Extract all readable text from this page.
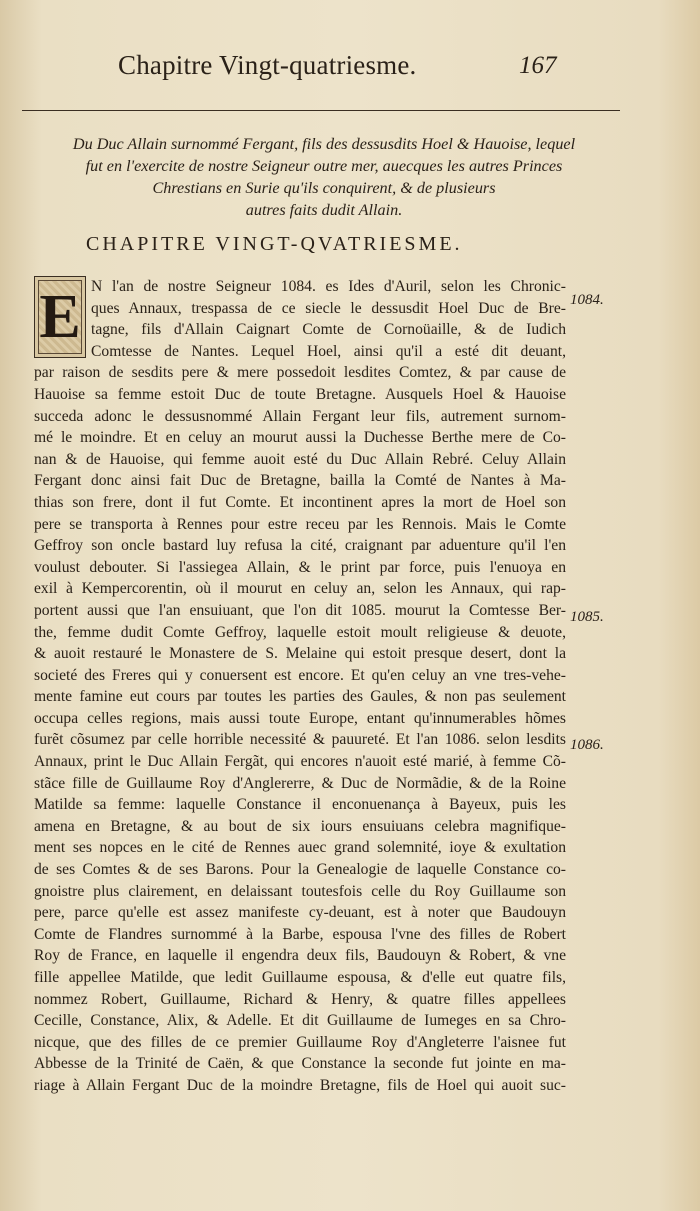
Chapitre Vingt-quatriesme.	167
Du Duc Allain surnommé Fergant, fils des dessusdits Hoel & Hauoise, lequel
fut en l'exercite de nostre Seigneur outre mer, auecques les autres Princes
Chrestians en Surie qu'ils conquirent, & de plusieurs
autres faits dudit Allain.
CHAPITRE VINGT-QVATRIESME.
E N l'an de nostre Seigneur 1084. es Ides d'Auril, selon les Chronic-
ques Annaux, trespassa de ce siecle le dessusdit Hoel Duc de Bre-
tagne, fils d'Allain Caignart Comte de Cornoüaille, & de Iudich
Comtesse de Nantes. Lequel Hoel, ainsi qu'il a esté dit deuant,
par raison de sesdits pere & mere possedoit lesdites Comtez, & par cause de
Hauoise sa femme estoit Duc de toute Bretagne. Ausquels Hoel & Hauoise
succeda adonc le dessusnommé Allain Fergant leur fils, autrement surnom-
mé le moindre. Et en celuy an mourut aussi la Duchesse Berthe mere de Co-
nan & de Hauoise, qui femme auoit esté du Duc Allain Rebré. Celuy Allain
Fergant donc ainsi fait Duc de Bretagne, bailla la Comté de Nantes à Ma-
thias son frere, dont il fut Comte. Et incontinent apres la mort de Hoel son
pere se transporta à Rennes pour estre receu par les Rennois. Mais le Comte
Geffroy son oncle bastard luy refusa la cité, craignant par aduenture qu'il l'en
voulust debouter. Si l'assiegea Allain, & le print par force, puis l'enuoya en
exil à Kempercorentin, où il mourut en celuy an, selon les Annaux, qui rap-
portent aussi que l'an ensuiuant, que l'on dit 1085. mourut la Comtesse Ber-
the, femme dudit Comte Geffroy, laquelle estoit moult religieuse & deuote,
& auoit restauré le Monastere de S. Melaine qui estoit presque desert, dont la
societé des Freres qui y conuersent est encore. Et qu'en celuy an vne tres-vehe-
mente famine eut cours par toutes les parties des Gaules, & non pas seulement
occupa celles regions, mais aussi toute Europe, entant qu'innumerables hõmes
furẽt cõsumez par celle horrible necessité & pauureté. Et l'an 1086. selon lesdits
Annaux, print le Duc Allain Fergãt, qui encores n'auoit esté marié, à femme Cõ-
stãce fille de Guillaume Roy d'Anglererre, & Duc de Normãdie, & de la Roine
Matilde sa femme: laquelle Constance il enconuenança à Bayeux, puis les
amena en Bretagne, & au bout de six iours ensuiuans celebra magnifique-
ment ses nopces en le cité de Rennes auec grand solemnité, ioye & exultation
de ses Comtes & de ses Barons. Pour la Genealogie de laquelle Constance co-
gnoistre plus clairement, en delaissant toutesfois celle du Roy Guillaume son
pere, parce qu'elle est assez manifeste cy-deuant, est à noter que Baudouyn
Comte de Flandres surnommé à la Barbe, espousa l'vne des filles de Robert
Roy de France, en laquelle il engendra deux fils, Baudouyn & Robert, & vne
fille appellee Matilde, que ledit Guillaume espousa, & d'elle eut quatre fils,
nommez Robert, Guillaume, Richard & Henry, & quatre filles appellees
Cecille, Constance, Alix, & Adelle. Et dit Guillaume de Iumeges en sa Chro-
nicque, que des filles de ce premier Guillaume Roy d'Angleterre l'aisnee fut
Abbesse de la Trinité de Caën, & que Constance la seconde fut jointe en ma-
riage à Allain Fergant Duc de la moindre Bretagne, fils de Hoel qui auoit suc-
1084.
1085.
1086.
